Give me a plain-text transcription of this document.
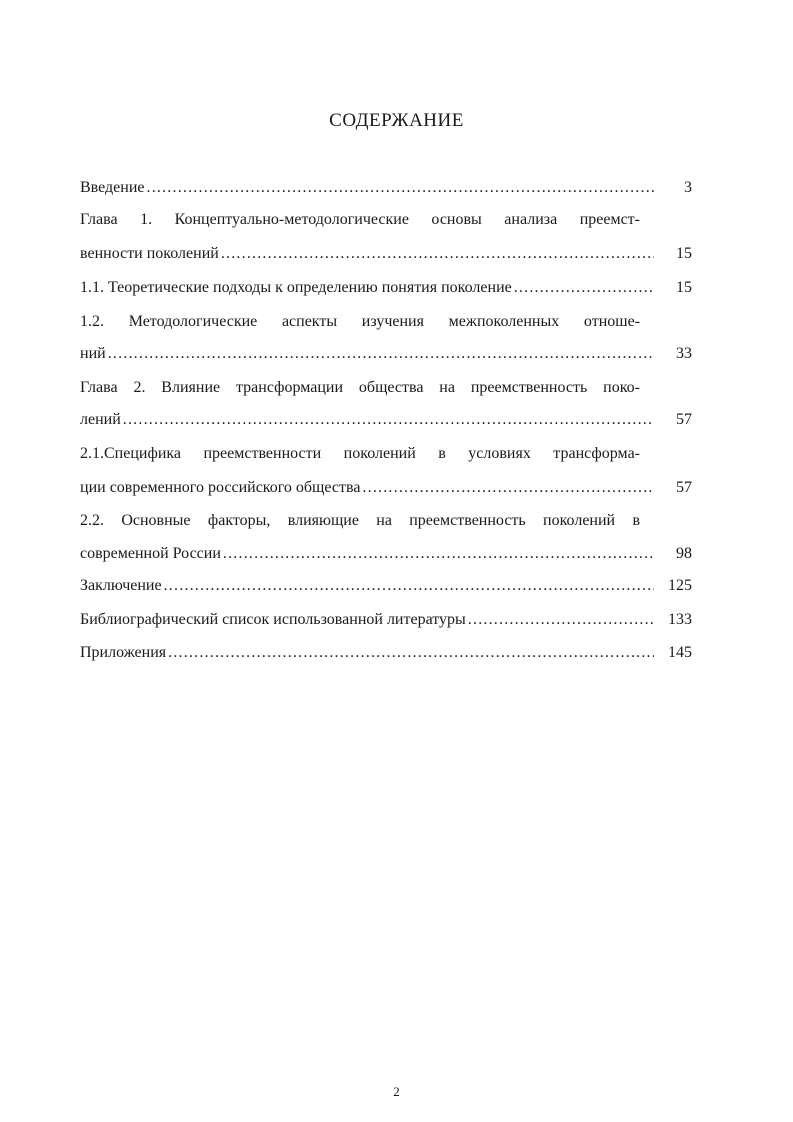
СОДЕРЖАНИЕ
Введение .....	3
Глава 1. Концептуально-методологические основы анализа преемст-
венности поколений .....	15
1.1. Теоретические подходы к определению понятия поколение .....	15
1.2. Методологические аспекты изучения межпоколенных отноше-
ний .....	33
Глава 2. Влияние трансформации общества на преемственность поко-
лений .....	57
2.1.Специфика преемственности поколений в условиях трансформа-
ции современного российского общества .....	57
2.2. Основные факторы, влияющие на преемственность поколений в
современной России .....	98
Заключение .....	125
Библиографический список использованной литературы .....	133
Приложения .....	145
2
